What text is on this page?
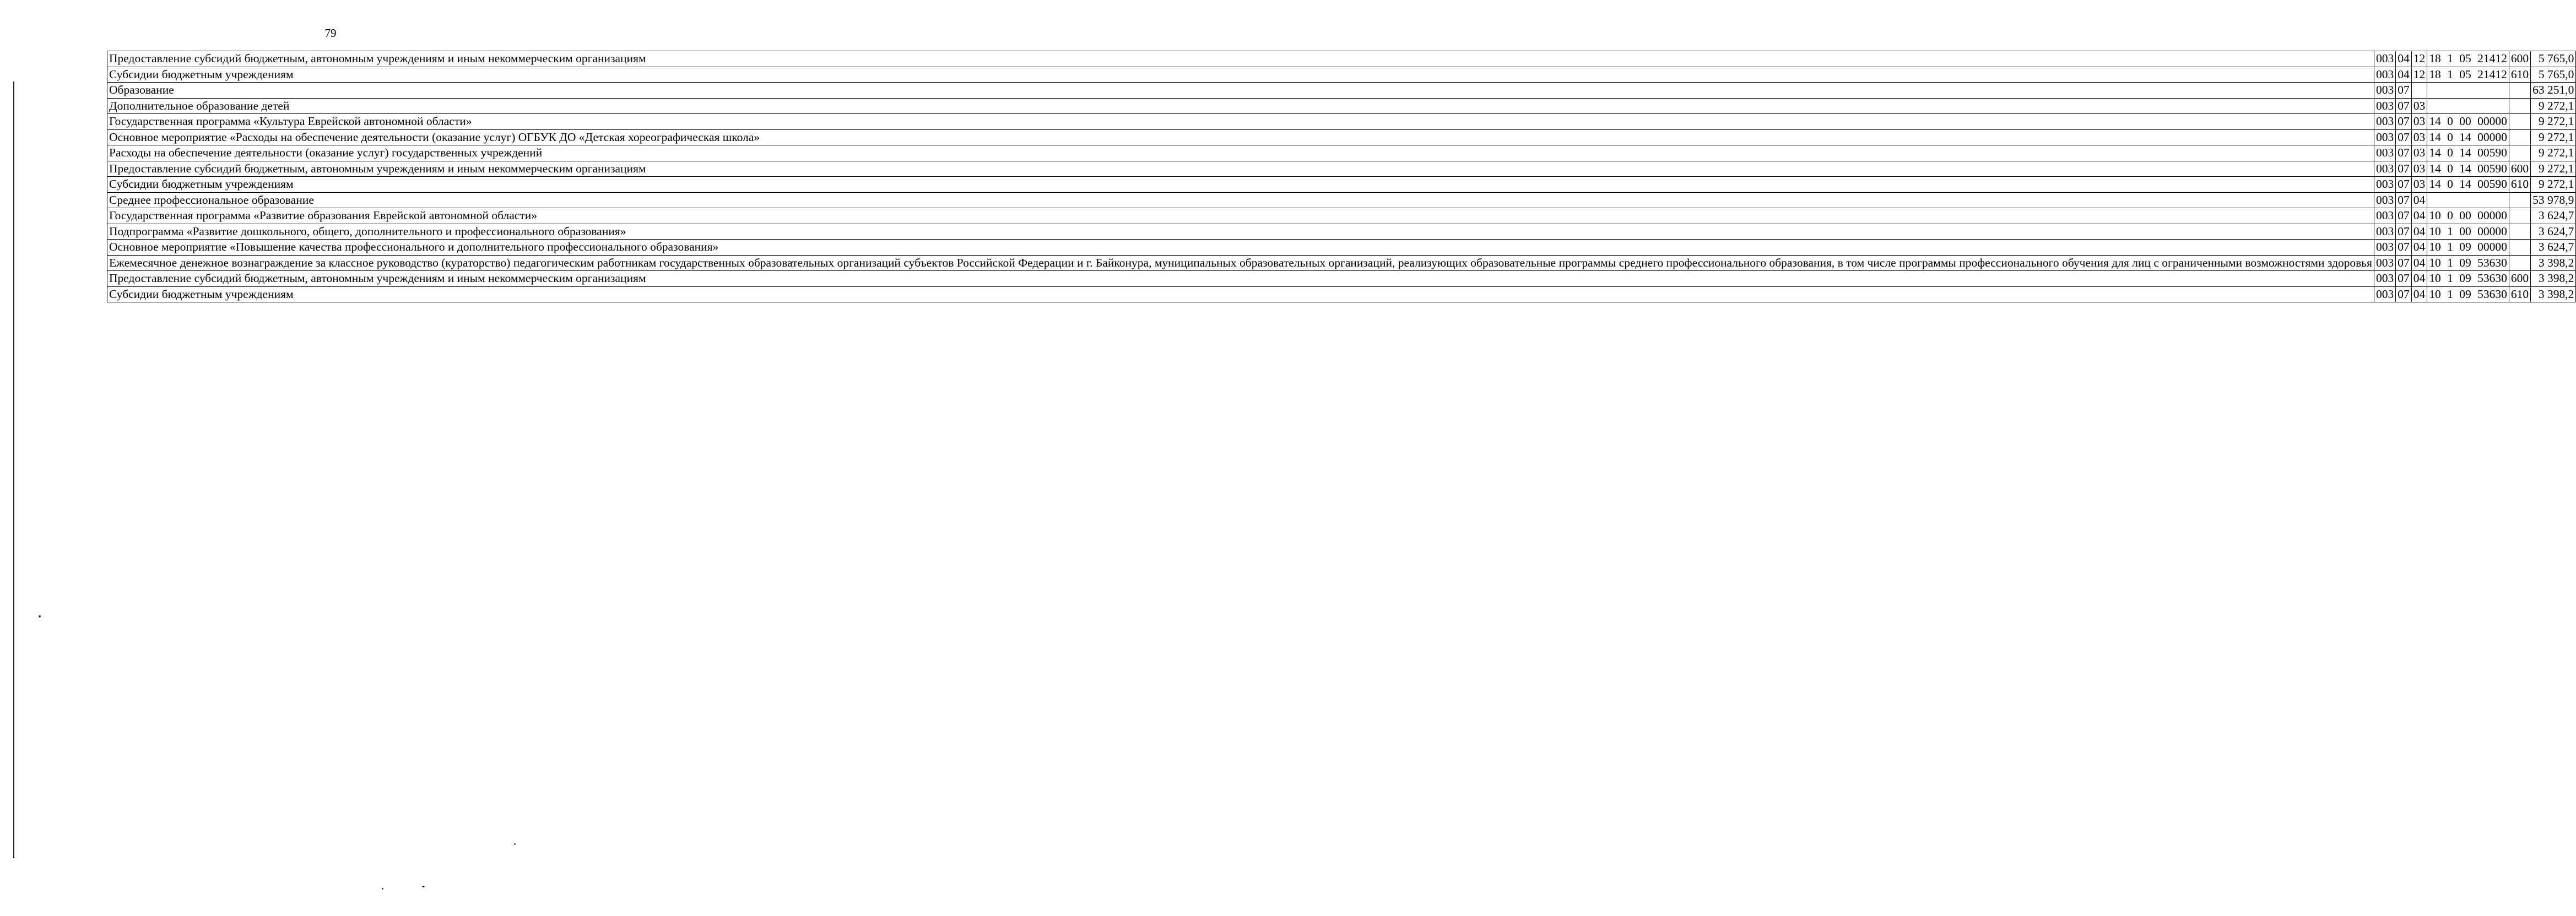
79
Предоставление субсидий бюджетным, автономным учреждениям и иным некоммерческим организациям	003	04	12	18 1 05 21412	600	5 765,0
Субсидии бюджетным учреждениям	003	04	12	18 1 05 21412	610	5 765,0
Образование	003	07				63 251,0
Дополнительное образование детей	003	07	03			9 272,1
Государственная программа «Культура Еврейской автономной области»	003	07	03	14 0 00 00000		9 272,1
Основное мероприятие «Расходы на обеспечение деятельности (оказание услуг) ОГБУК ДО «Детская хореографическая школа»	003	07	03	14 0 14 00000		9 272,1
Расходы на обеспечение деятельности (оказание услуг) государственных учреждений	003	07	03	14 0 14 00590		9 272,1
Предоставление субсидий бюджетным, автономным учреждениям и иным некоммерческим организациям	003	07	03	14 0 14 00590	600	9 272,1
Субсидии бюджетным учреждениям	003	07	03	14 0 14 00590	610	9 272,1
Среднее профессиональное образование	003	07	04			53 978,9
Государственная программа «Развитие образования Еврейской автономной области»	003	07	04	10 0 00 00000		3 624,7
Подпрограмма «Развитие дошкольного, общего, дополнительного и профессионального образования»	003	07	04	10 1 00 00000		3 624,7
Основное мероприятие «Повышение качества профессионального и дополнительного профессионального образования»	003	07	04	10 1 09 00000		3 624,7
Ежемесячное денежное вознаграждение за классное руководство (кураторство) педагогическим работникам государственных образовательных организаций субъектов Российской Федерации и г. Байконура, муниципальных образовательных организаций, реализующих образовательные программы среднего профессионального образования, в том числе программы профессионального обучения для лиц с ограниченными возможностями здоровья	003	07	04	10 1 09 53630		3 398,2
Предоставление субсидий бюджетным, автономным учреждениям и иным некоммерческим организациям	003	07	04	10 1 09 53630	600	3 398,2
Субсидии бюджетным учреждениям	003	07	04	10 1 09 53630	610	3 398,2
